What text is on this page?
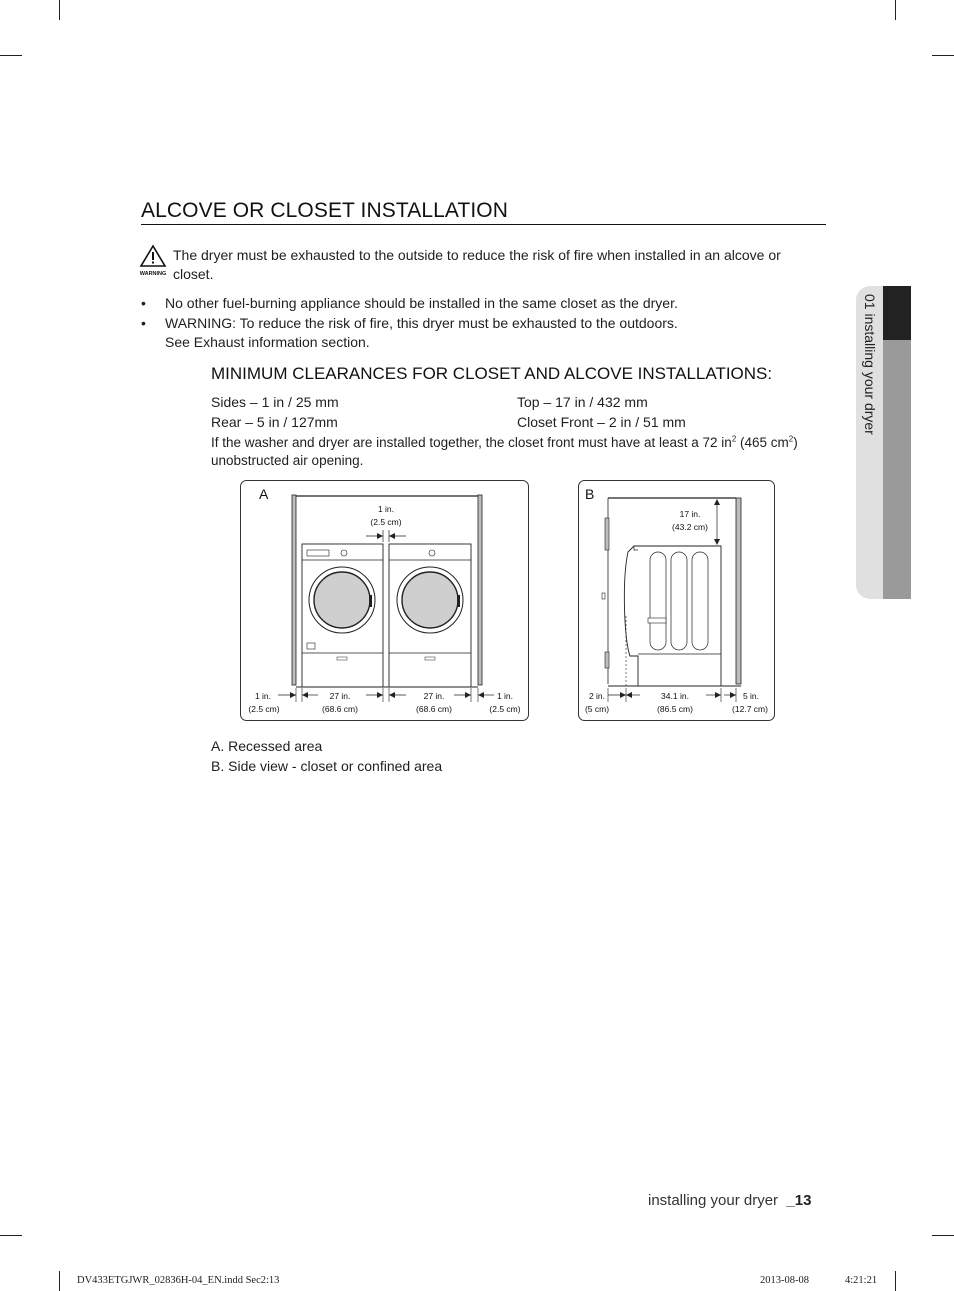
01 installing your dryer
ALCOVE OR CLOSET INSTALLATION
WARNING
The dryer must be exhausted to the outside to reduce the risk of fire when installed in an alcove or closet.
•	No other fuel-burning appliance should be installed in the same closet as the dryer.
•	WARNING: To reduce the risk of fire, this dryer must be exhausted to the outdoors.
See Exhaust information section.
MINIMUM CLEARANCES FOR CLOSET AND ALCOVE INSTALLATIONS:
Sides – 1 in / 25 mm	Top – 17 in / 432 mm
Rear – 5 in / 127mm	Closet Front – 2 in / 51 mm
If the washer and dryer are installed together, the closet front must have at least a 72 $in^2$ (465 $cm^2$)
unobstructed air opening.
A
1 in.
(2.5 cm)
1 in.
(2.5 cm)
27 in.
(68.6 cm)
27 in.
(68.6 cm)
1 in.
(2.5 cm)
B
17 in.
(43.2 cm)
2 in.
(5 cm)
34.1 in.
(86.5 cm)
5 in.
(12.7 cm)
A. Recessed area
B. Side view - closet or confined area
installing your dryer _13
DV433ETGJWR_02836H-04_EN.indd Sec2:13	2013-08-08	4:21:21
